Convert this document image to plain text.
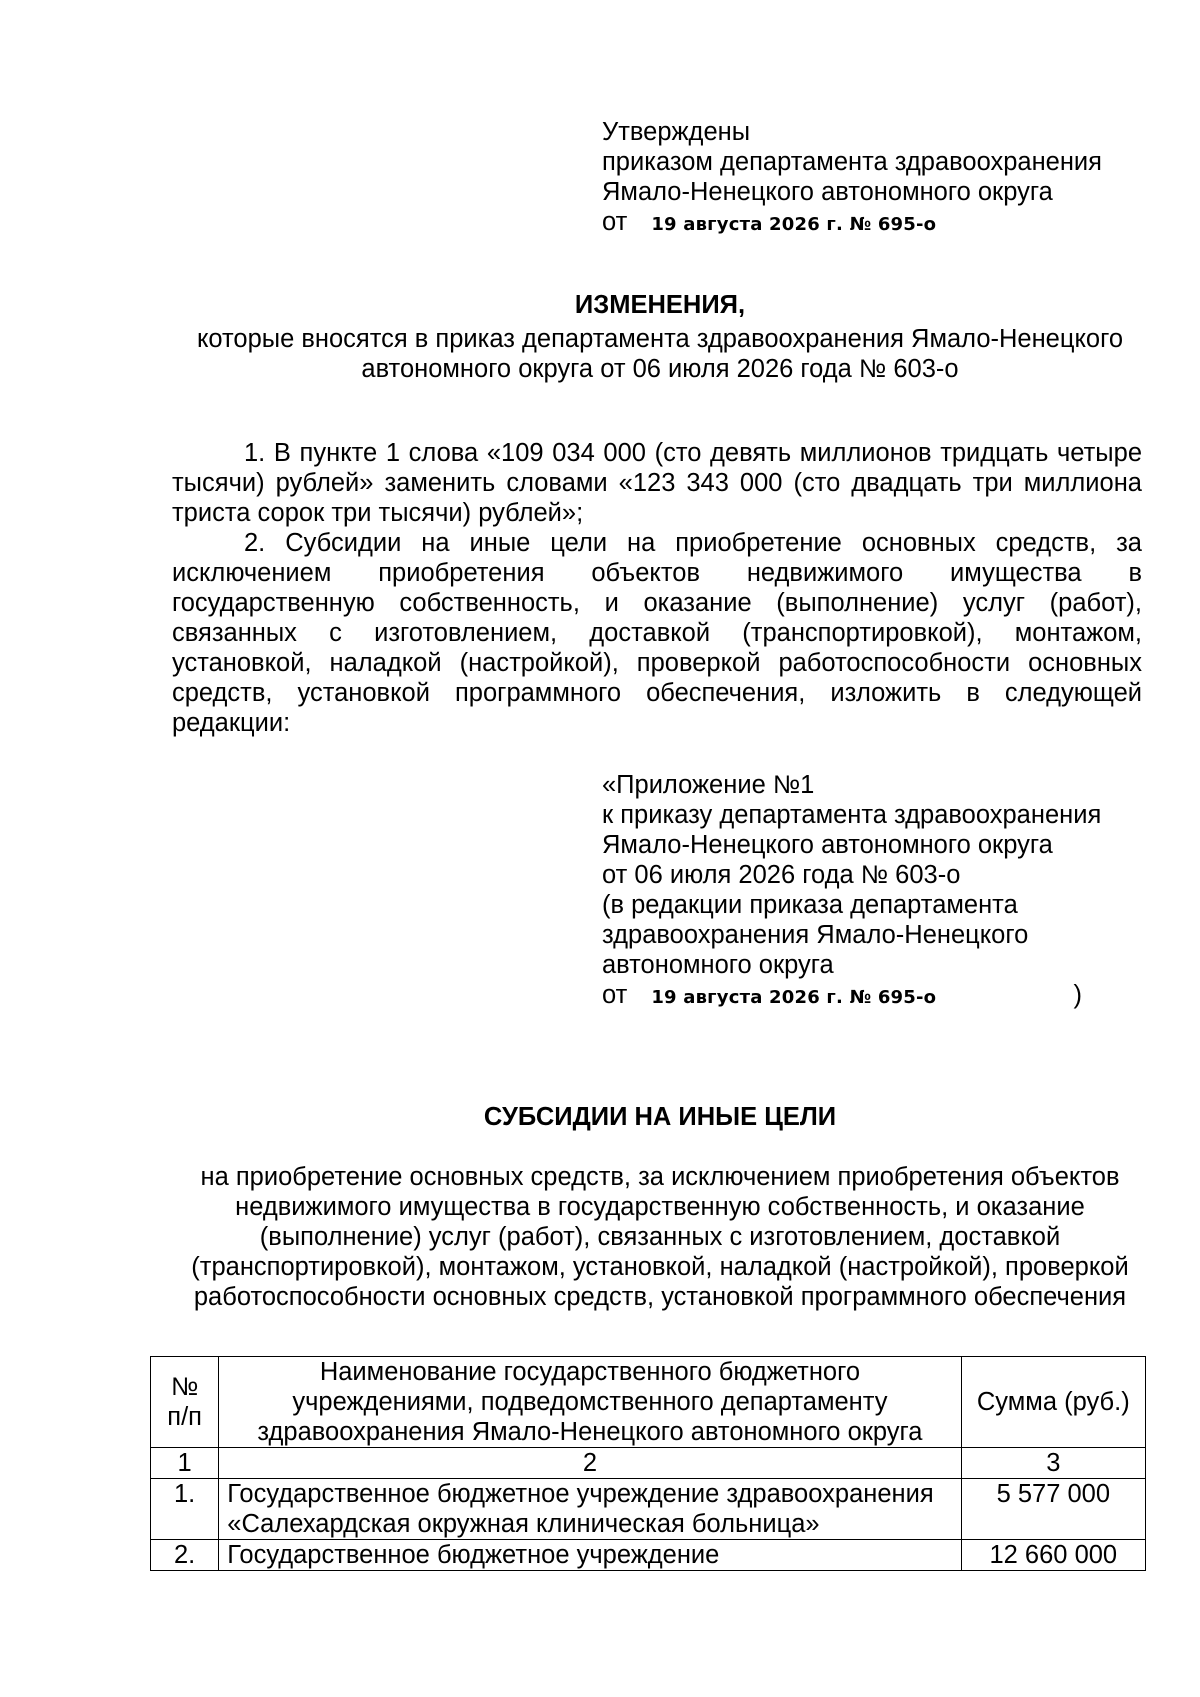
Утверждены
приказом департамента здравоохранения
Ямало-Ненецкого автономного округа
от 19 августа 2026 г. № 695-о
ИЗМЕНЕНИЯ,
которые вносятся в приказ департамента здравоохранения Ямало-Ненецкого автономного округа от 06 июля 2026 года № 603-о

1. В пункте 1 слова «109 034 000 (сто девять миллионов тридцать четыре тысячи) рублей» заменить словами «123 343 000 (сто двадцать три миллиона триста сорок три тысячи) рублей»;

2. Субсидии на иные цели на приобретение основных средств, за исключением приобретения объектов недвижимого имущества в государственную собственность, и оказание (выполнение) услуг (работ), связанных с изготовлением, доставкой (транспортировкой), монтажом, установкой, наладкой (настройкой), проверкой работоспособности основных средств, установкой программного обеспечения, изложить в следующей редакции:

«Приложение №1
к приказу департамента здравоохранения
Ямало-Ненецкого автономного округа
от 06 июля 2026 года № 603-о
(в редакции приказа департамента
здравоохранения Ямало-Ненецкого
автономного округа
от 19 августа 2026 г. № 695-о	)
СУБСИДИИ НА ИНЫЕ ЦЕЛИ
на приобретение основных средств, за исключением приобретения объектов недвижимого имущества в государственную собственность, и оказание (выполнение) услуг (работ), связанных с изготовлением, доставкой (транспортировкой), монтажом, установкой, наладкой (настройкой), проверкой работоспособности основных средств, установкой программного обеспечения
№ п/п	Наименование государственного бюджетного учреждениями, подведомственного департаменту здравоохранения Ямало-Ненецкого автономного округа	Сумма (руб.)
1	2	3
1.	Государственное бюджетное учреждение здравоохранения «Салехардская окружная клиническая больница»	5 577 000
2.	Государственное бюджетное учреждение	12 660 000
